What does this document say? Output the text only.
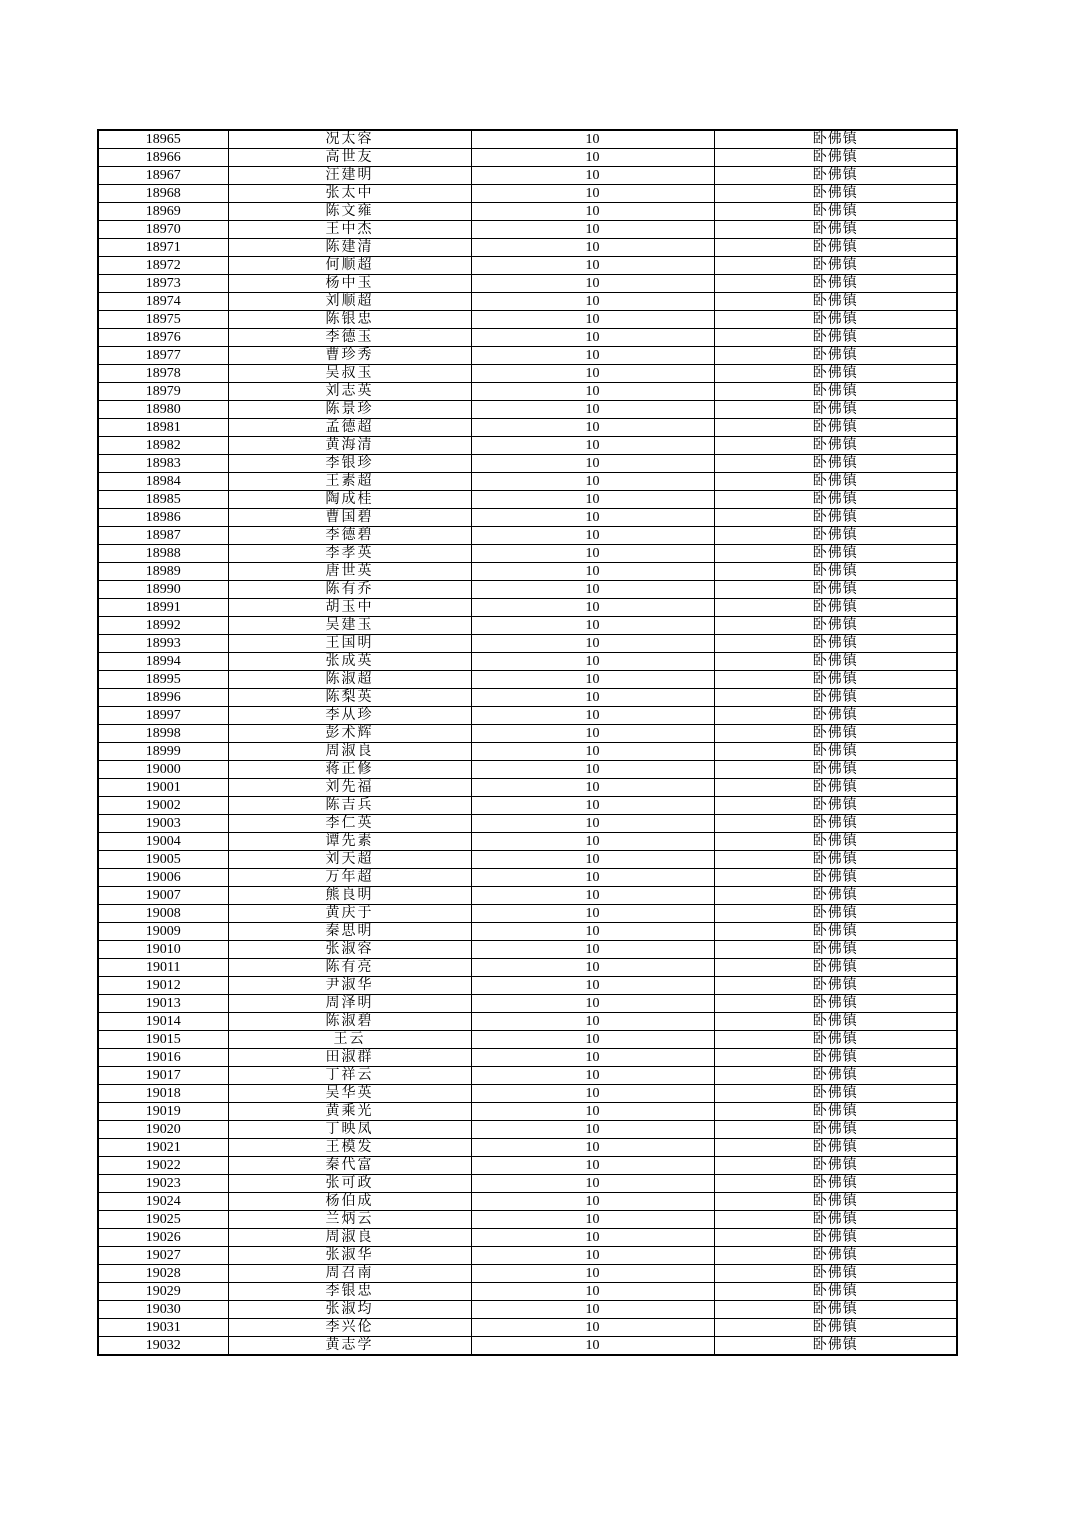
18965	况太容	10	卧佛镇
18966	高世友	10	卧佛镇
18967	汪建明	10	卧佛镇
18968	张太中	10	卧佛镇
18969	陈文雍	10	卧佛镇
18970	王中杰	10	卧佛镇
18971	陈建清	10	卧佛镇
18972	何顺超	10	卧佛镇
18973	杨中玉	10	卧佛镇
18974	刘顺超	10	卧佛镇
18975	陈银忠	10	卧佛镇
18976	李德玉	10	卧佛镇
18977	曹珍秀	10	卧佛镇
18978	吴叔玉	10	卧佛镇
18979	刘志英	10	卧佛镇
18980	陈景珍	10	卧佛镇
18981	孟德超	10	卧佛镇
18982	黄海清	10	卧佛镇
18983	李银珍	10	卧佛镇
18984	王素超	10	卧佛镇
18985	陶成桂	10	卧佛镇
18986	曹国碧	10	卧佛镇
18987	李德碧	10	卧佛镇
18988	李孝英	10	卧佛镇
18989	唐世英	10	卧佛镇
18990	陈有乔	10	卧佛镇
18991	胡玉中	10	卧佛镇
18992	吴建玉	10	卧佛镇
18993	王国明	10	卧佛镇
18994	张成英	10	卧佛镇
18995	陈淑超	10	卧佛镇
18996	陈梨英	10	卧佛镇
18997	李从珍	10	卧佛镇
18998	彭术辉	10	卧佛镇
18999	周淑良	10	卧佛镇
19000	蒋正修	10	卧佛镇
19001	刘先福	10	卧佛镇
19002	陈吉兵	10	卧佛镇
19003	李仁英	10	卧佛镇
19004	谭先素	10	卧佛镇
19005	刘天超	10	卧佛镇
19006	万年超	10	卧佛镇
19007	熊良明	10	卧佛镇
19008	黄庆于	10	卧佛镇
19009	秦思明	10	卧佛镇
19010	张淑容	10	卧佛镇
19011	陈有亮	10	卧佛镇
19012	尹淑华	10	卧佛镇
19013	周泽明	10	卧佛镇
19014	陈淑碧	10	卧佛镇
19015	王云	10	卧佛镇
19016	田淑群	10	卧佛镇
19017	丁祥云	10	卧佛镇
19018	吴华英	10	卧佛镇
19019	黄乘光	10	卧佛镇
19020	丁映凤	10	卧佛镇
19021	王模发	10	卧佛镇
19022	秦代富	10	卧佛镇
19023	张可政	10	卧佛镇
19024	杨伯成	10	卧佛镇
19025	兰炳云	10	卧佛镇
19026	周淑良	10	卧佛镇
19027	张淑华	10	卧佛镇
19028	周召南	10	卧佛镇
19029	李银忠	10	卧佛镇
19030	张淑均	10	卧佛镇
19031	李兴伦	10	卧佛镇
19032	黄志学	10	卧佛镇
